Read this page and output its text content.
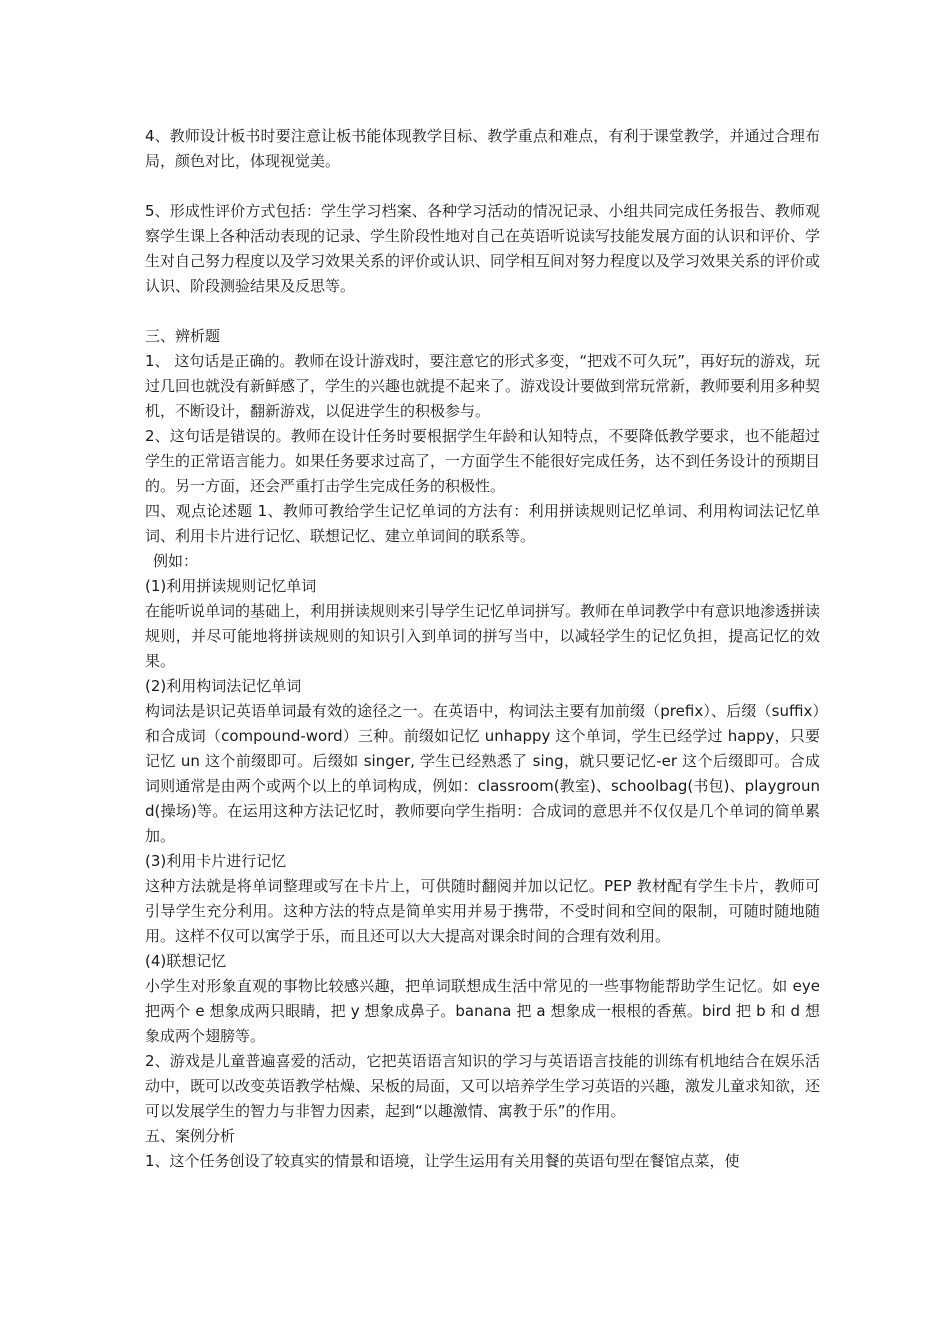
4、教师设计板书时要注意让板书能体现教学目标、教学重点和难点，有利于课堂教学，并通过合理布局，颜色对比，体现视觉美。

5、形成性评价方式包括：学生学习档案、各种学习活动的情况记录、小组共同完成任务报告、教师观察学生课上各种活动表现的记录、学生阶段性地对自己在英语听说读写技能发展方面的认识和评价、学生对自己努力程度以及学习效果关系的评价或认识、同学相互间对努力程度以及学习效果关系的评价或认识、阶段测验结果及反思等。

三、辨析题

1、 这句话是正确的。教师在设计游戏时，要注意它的形式多变，“把戏不可久玩”，再好玩的游戏，玩过几回也就没有新鲜感了，学生的兴趣也就提不起来了。游戏设计要做到常玩常新，教师要利用多种契机，不断设计，翻新游戏，以促进学生的积极参与。

2、这句话是错误的。教师在设计任务时要根据学生年龄和认知特点，不要降低教学要求，也不能超过学生的正常语言能力。如果任务要求过高了，一方面学生不能很好完成任务，达不到任务设计的预期目的。另一方面，还会严重打击学生完成任务的积极性。

四、观点论述题 1、教师可教给学生记忆单词的方法有：利用拼读规则记忆单词、利用构词法记忆单词、利用卡片进行记忆、联想记忆、建立单词间的联系等。

例如：

(1)利用拼读规则记忆单词

在能听说单词的基础上，利用拼读规则来引导学生记忆单词拼写。教师在单词教学中有意识地渗透拼读规则，并尽可能地将拼读规则的知识引入到单词的拼写当中，以减轻学生的记忆负担，提高记忆的效果。

(2)利用构词法记忆单词

构词法是识记英语单词最有效的途径之一。在英语中，构词法主要有加前缀（prefix）、后缀（suffix）和合成词（compound-word）三种。前缀如记忆 unhappy 这个单词，学生已经学过 happy，只要记忆 un 这个前缀即可。后缀如 singer, 学生已经熟悉了 sing，就只要记忆-er 这个后缀即可。合成词则通常是由两个或两个以上的单词构成，例如：classroom(教室)、schoolbag(书包)、playground(操场)等。在运用这种方法记忆时，教师要向学生指明：合成词的意思并不仅仅是几个单词的简单累加。

(3)利用卡片进行记忆

这种方法就是将单词整理或写在卡片上，可供随时翻阅并加以记忆。PEP 教材配有学生卡片，教师可引导学生充分利用。这种方法的特点是简单实用并易于携带，不受时间和空间的限制，可随时随地随用。这样不仅可以寓学于乐，而且还可以大大提高对课余时间的合理有效利用。

(4)联想记忆

小学生对形象直观的事物比较感兴趣，把单词联想成生活中常见的一些事物能帮助学生记忆。如 eye 把两个 e 想象成两只眼睛，把 y 想象成鼻子。banana 把 a 想象成一根根的香蕉。bird 把 b 和 d 想象成两个翅膀等。

2、游戏是儿童普遍喜爱的活动，它把英语语言知识的学习与英语语言技能的训练有机地结合在娱乐活动中，既可以改变英语教学枯燥、呆板的局面，又可以培养学生学习英语的兴趣，激发儿童求知欲，还可以发展学生的智力与非智力因素，起到“以趣激情、寓教于乐”的作用。

五、案例分析

1、这个任务创设了较真实的情景和语境，让学生运用有关用餐的英语句型在餐馆点菜，使
